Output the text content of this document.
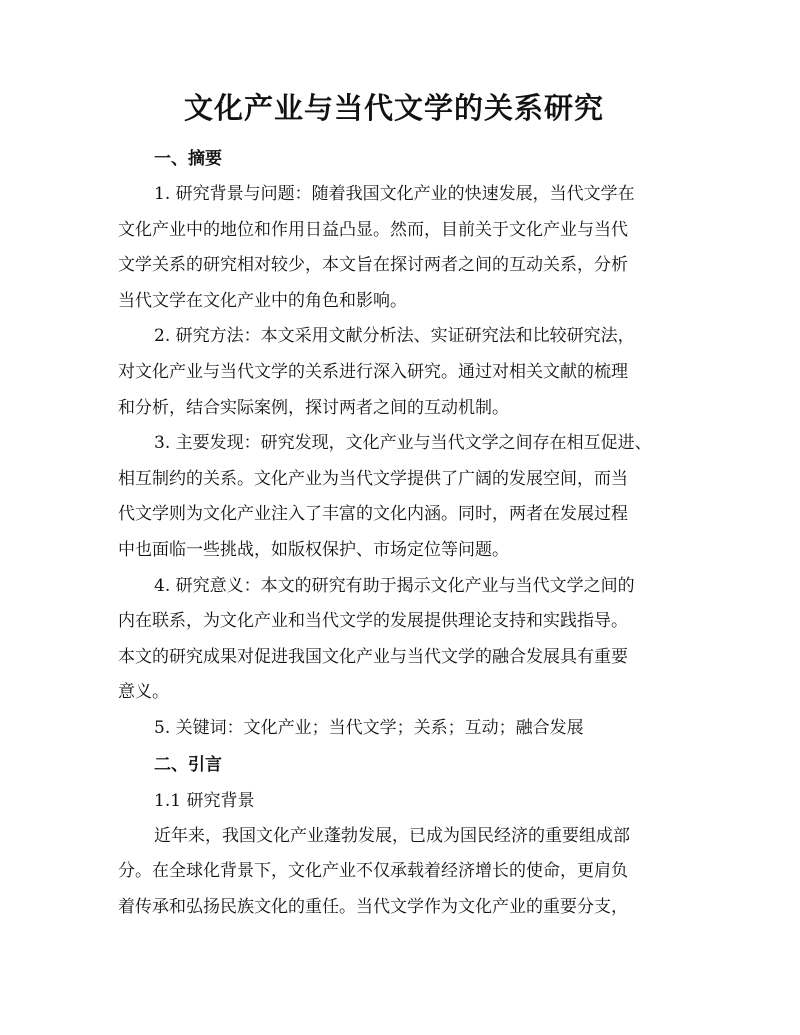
文化产业与当代文学的关系研究
一、摘要

1. 研究背景与问题：随着我国文化产业的快速发展，当代文学在
文化产业中的地位和作用日益凸显。然而，目前关于文化产业与当代
文学关系的研究相对较少，本文旨在探讨两者之间的互动关系，分析
当代文学在文化产业中的角色和影响。

2. 研究方法：本文采用文献分析法、实证研究法和比较研究法，
对文化产业与当代文学的关系进行深入研究。通过对相关文献的梳理
和分析，结合实际案例，探讨两者之间的互动机制。

3. 主要发现：研究发现，文化产业与当代文学之间存在相互促进、
相互制约的关系。文化产业为当代文学提供了广阔的发展空间，而当
代文学则为文化产业注入了丰富的文化内涵。同时，两者在发展过程
中也面临一些挑战，如版权保护、市场定位等问题。

4. 研究意义：本文的研究有助于揭示文化产业与当代文学之间的
内在联系，为文化产业和当代文学的发展提供理论支持和实践指导。
本文的研究成果对促进我国文化产业与当代文学的融合发展具有重要
意义。

5. 关键词：文化产业；当代文学；关系；互动；融合发展

二、引言
1.1 研究背景

近年来，我国文化产业蓬勃发展，已成为国民经济的重要组成部
分。在全球化背景下，文化产业不仅承载着经济增长的使命，更肩负
着传承和弘扬民族文化的重任。当代文学作为文化产业的重要分支，
